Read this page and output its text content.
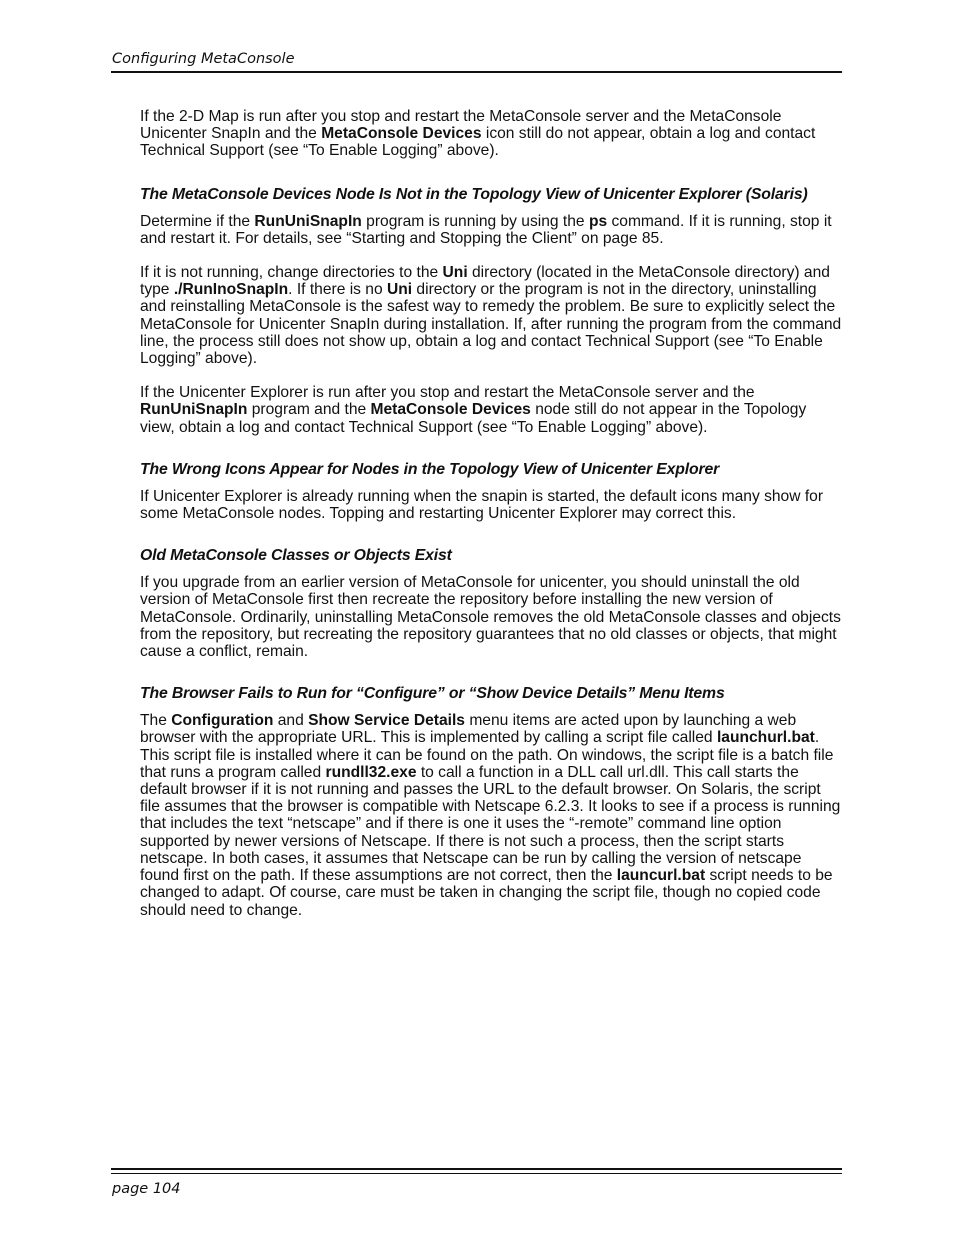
Configuring MetaConsole

If the 2-D Map is run after you stop and restart the MetaConsole server and the MetaConsole Unicenter SnapIn and the MetaConsole Devices icon still do not appear, obtain a log and contact Technical Support (see “To Enable Logging” above).

The MetaConsole Devices Node Is Not in the Topology View of Unicenter Explorer (Solaris)

Determine if the RunUniSnapIn program is running by using the ps command. If it is running, stop it and restart it. For details, see “Starting and Stopping the Client” on page 85.

If it is not running, change directories to the Uni directory (located in the MetaConsole directory) and type ./RunInoSnapIn. If there is no Uni directory or the program is not in the directory, uninstalling and reinstalling MetaConsole is the safest way to remedy the problem. Be sure to explicitly select the MetaConsole for Unicenter SnapIn during installation. If, after running the program from the command line, the process still does not show up, obtain a log and contact Technical Support (see “To Enable Logging” above).

If the Unicenter Explorer is run after you stop and restart the MetaConsole server and the RunUniSnapIn program and the MetaConsole Devices node still do not appear in the Topology view, obtain a log and contact Technical Support (see “To Enable Logging” above).

The Wrong Icons Appear for Nodes in the Topology View of Unicenter Explorer

If Unicenter Explorer is already running when the snapin is started, the default icons many show for some MetaConsole nodes. Topping and restarting Unicenter Explorer may correct this.

Old MetaConsole Classes or Objects Exist

If you upgrade from an earlier version of MetaConsole for unicenter, you should uninstall the old version of MetaConsole first then recreate the repository before installing the new version of MetaConsole. Ordinarily, uninstalling MetaConsole removes the old MetaConsole classes and objects from the repository, but recreating the repository guarantees that no old classes or objects, that might cause a conflict, remain.

The Browser Fails to Run for “Configure” or “Show Device Details” Menu Items

The Configuration and Show Service Details menu items are acted upon by launching a web browser with the appropriate URL. This is implemented by calling a script file called launchurl.bat. This script file is installed where it can be found on the path. On windows, the script file is a batch file that runs a program called rundll32.exe to call a function in a DLL call url.dll. This call starts the default browser if it is not running and passes the URL to the default browser. On Solaris, the script file assumes that the browser is compatible with Netscape 6.2.3. It looks to see if a process is running that includes the text “netscape” and if there is one it uses the “-remote” command line option supported by newer versions of Netscape. If there is not such a process, then the script starts netscape. In both cases, it assumes that Netscape can be run by calling the version of netscape found first on the path. If these assumptions are not correct, then the launcurl.bat script needs to be changed to adapt. Of course, care must be taken in changing the script file, though no copied code should need to change.

page 104
